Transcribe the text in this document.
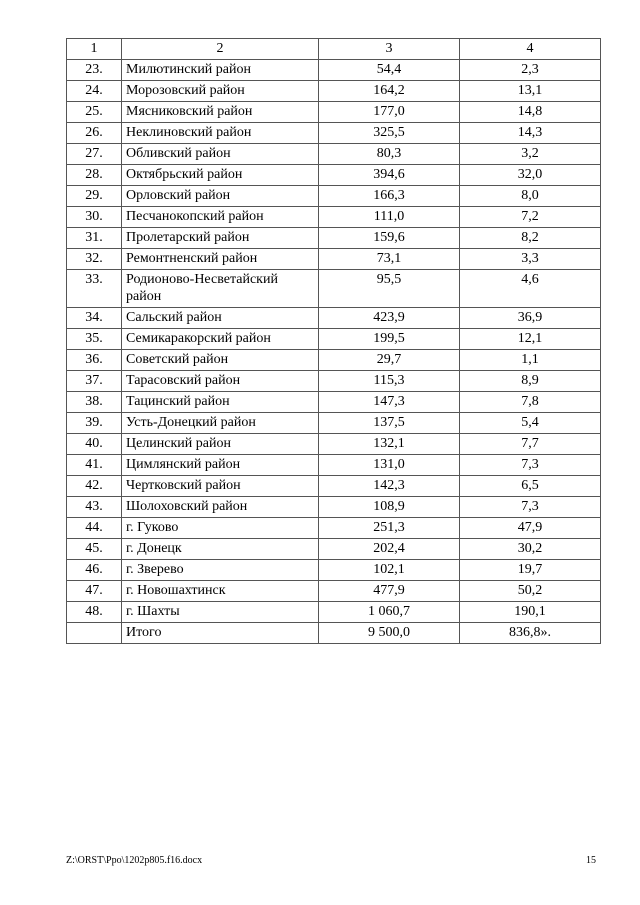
1	2	3	4
23.	Милютинский район	54,4	2,3
24.	Морозовский район	164,2	13,1
25.	Мясниковский район	177,0	14,8
26.	Неклиновский район	325,5	14,3
27.	Обливский район	80,3	3,2
28.	Октябрьский район	394,6	32,0
29.	Орловский район	166,3	8,0
30.	Песчанокопский район	111,0	7,2
31.	Пролетарский район	159,6	8,2
32.	Ремонтненский район	73,1	3,3
33.	Родионово-Несветайский район	95,5	4,6
34.	Сальский район	423,9	36,9
35.	Семикаракорский район	199,5	12,1
36.	Советский район	29,7	1,1
37.	Тарасовский район	115,3	8,9
38.	Тацинский район	147,3	7,8
39.	Усть-Донецкий район	137,5	5,4
40.	Целинский район	132,1	7,7
41.	Цимлянский район	131,0	7,3
42.	Чертковский район	142,3	6,5
43.	Шолоховский район	108,9	7,3
44.	г. Гуково	251,3	47,9
45.	г. Донецк	202,4	30,2
46.	г. Зверево	102,1	19,7
47.	г. Новошахтинск	477,9	50,2
48.	г. Шахты	1 060,7	190,1
	Итого	9 500,0	836,8».
Z:\ORST\Ppo\1202p805.f16.docx	15
